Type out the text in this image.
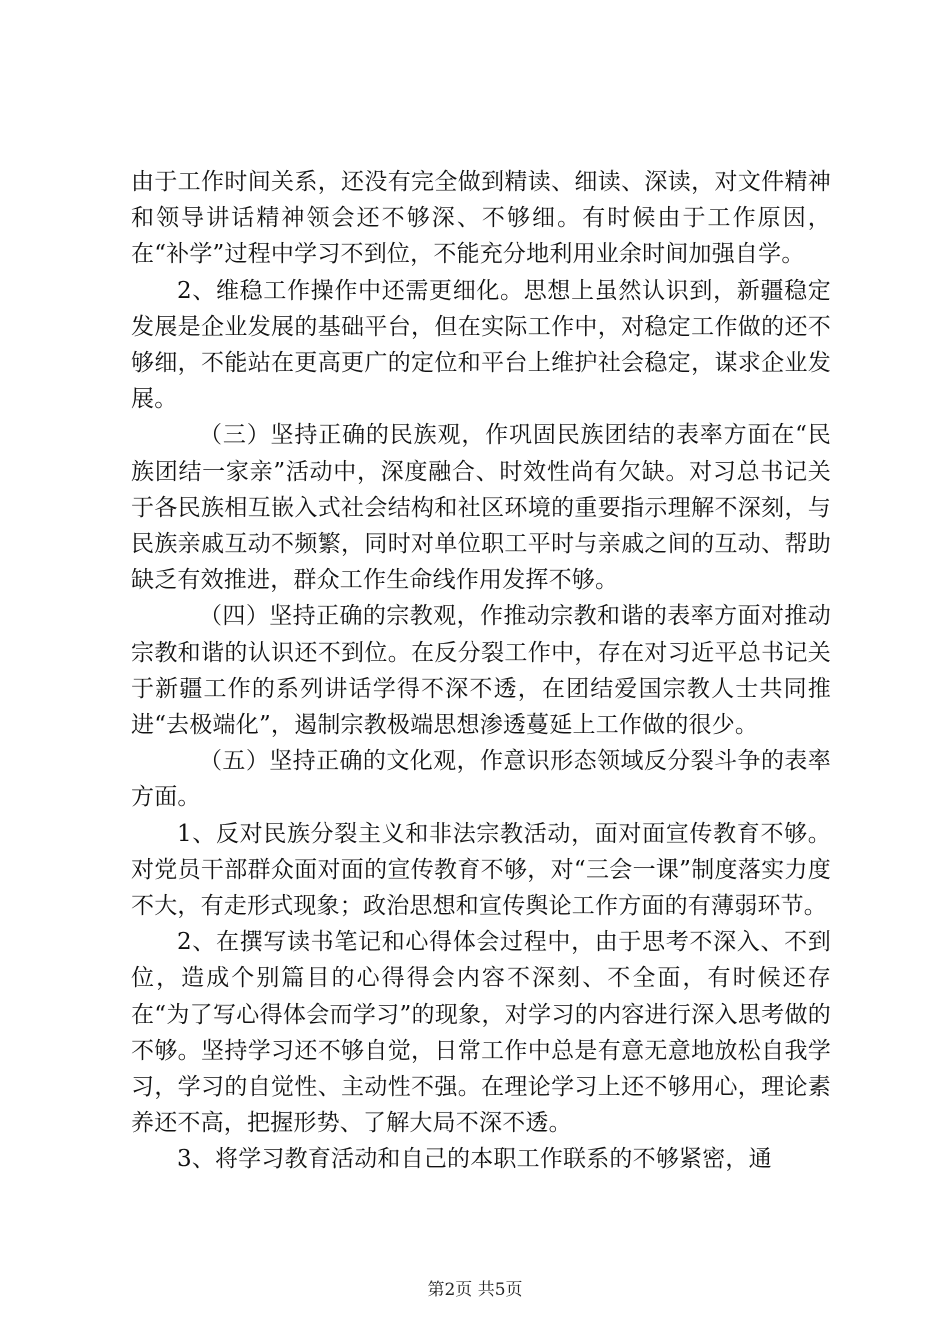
由于工作时间关系，还没有完全做到精读、细读、深读，对文件精神和领导讲话精神领会还不够深、不够细。有时候由于工作原因，在“补学”过程中学习不到位，不能充分地利用业余时间加强自学。

2、维稳工作操作中还需更细化。思想上虽然认识到，新疆稳定发展是企业发展的基础平台，但在实际工作中，对稳定工作做的还不够细，不能站在更高更广的定位和平台上维护社会稳定，谋求企业发展。

（三）坚持正确的民族观，作巩固民族团结的表率方面在“民族团结一家亲”活动中，深度融合、时效性尚有欠缺。对习总书记关于各民族相互嵌入式社会结构和社区环境的重要指示理解不深刻，与民族亲戚互动不频繁，同时对单位职工平时与亲戚之间的互动、帮助缺乏有效推进，群众工作生命线作用发挥不够。

（四）坚持正确的宗教观，作推动宗教和谐的表率方面对推动宗教和谐的认识还不到位。在反分裂工作中，存在对习近平总书记关于新疆工作的系列讲话学得不深不透，在团结爱国宗教人士共同推进“去极端化”，遏制宗教极端思想渗透蔓延上工作做的很少。

（五）坚持正确的文化观，作意识形态领域反分裂斗争的表率方面。

1、反对民族分裂主义和非法宗教活动，面对面宣传教育不够。对党员干部群众面对面的宣传教育不够，对“三会一课”制度落实力度不大，有走形式现象；政治思想和宣传舆论工作方面的有薄弱环节。

2、在撰写读书笔记和心得体会过程中，由于思考不深入、不到位，造成个别篇目的心得得会内容不深刻、不全面，有时候还存在“为了写心得体会而学习”的现象，对学习的内容进行深入思考做的不够。坚持学习还不够自觉，日常工作中总是有意无意地放松自我学习，学习的自觉性、主动性不强。在理论学习上还不够用心，理论素养还不高，把握形势、了解大局不深不透。

3、将学习教育活动和自己的本职工作联系的不够紧密，通

第2页 共5页
